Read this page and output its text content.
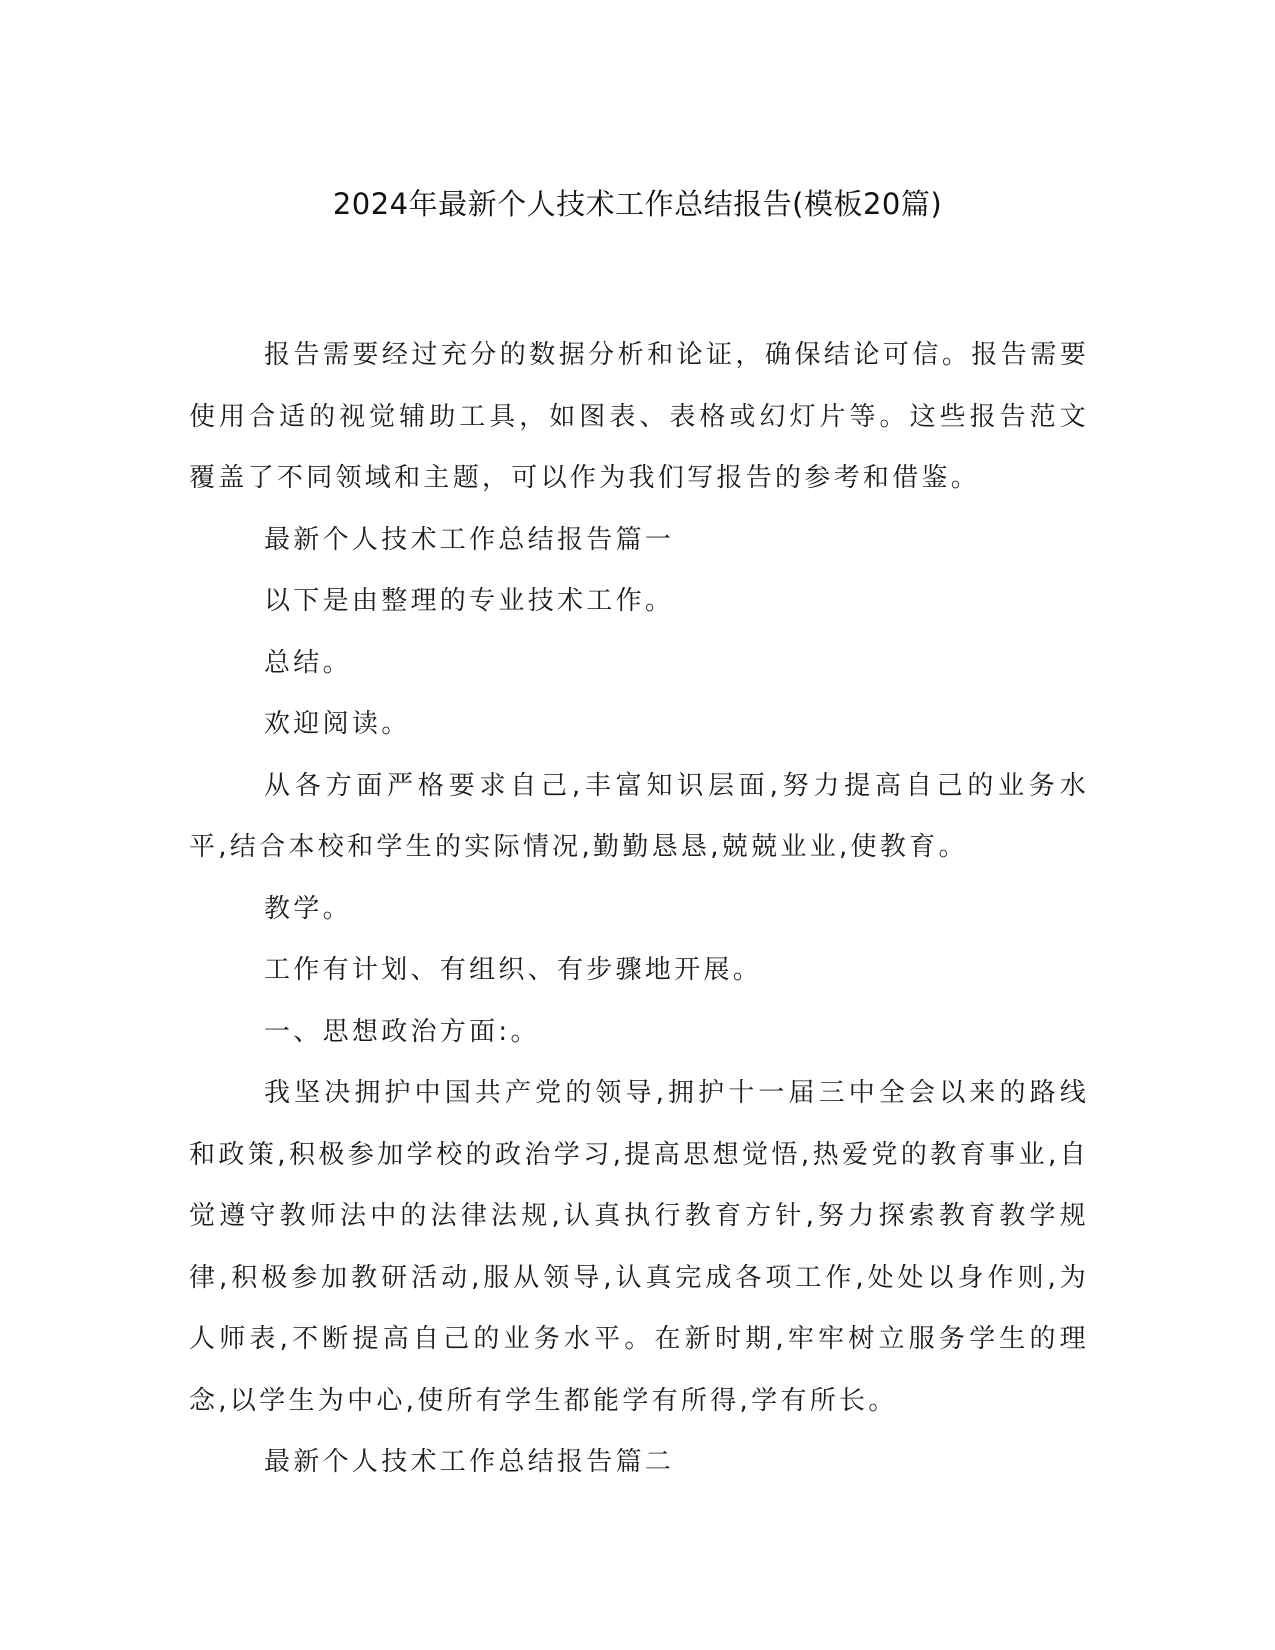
2024年最新个人技术工作总结报告(模板20篇)

报告需要经过充分的数据分析和论证，确保结论可信。报告需要使用合适的视觉辅助工具，如图表、表格或幻灯片等。这些报告范文覆盖了不同领域和主题，可以作为我们写报告的参考和借鉴。

最新个人技术工作总结报告篇一

以下是由整理的专业技术工作。

总结。

欢迎阅读。

从各方面严格要求自己,丰富知识层面,努力提高自己的业务水平,结合本校和学生的实际情况,勤勤恳恳,兢兢业业,使教育。

教学。

工作有计划、有组织、有步骤地开展。

一、思想政治方面:。

我坚决拥护中国共产党的领导,拥护十一届三中全会以来的路线和政策,积极参加学校的政治学习,提高思想觉悟,热爱党的教育事业,自觉遵守教师法中的法律法规,认真执行教育方针,努力探索教育教学规律,积极参加教研活动,服从领导,认真完成各项工作,处处以身作则,为人师表,不断提高自己的业务水平。在新时期,牢牢树立服务学生的理念,以学生为中心,使所有学生都能学有所得,学有所长。

最新个人技术工作总结报告篇二
